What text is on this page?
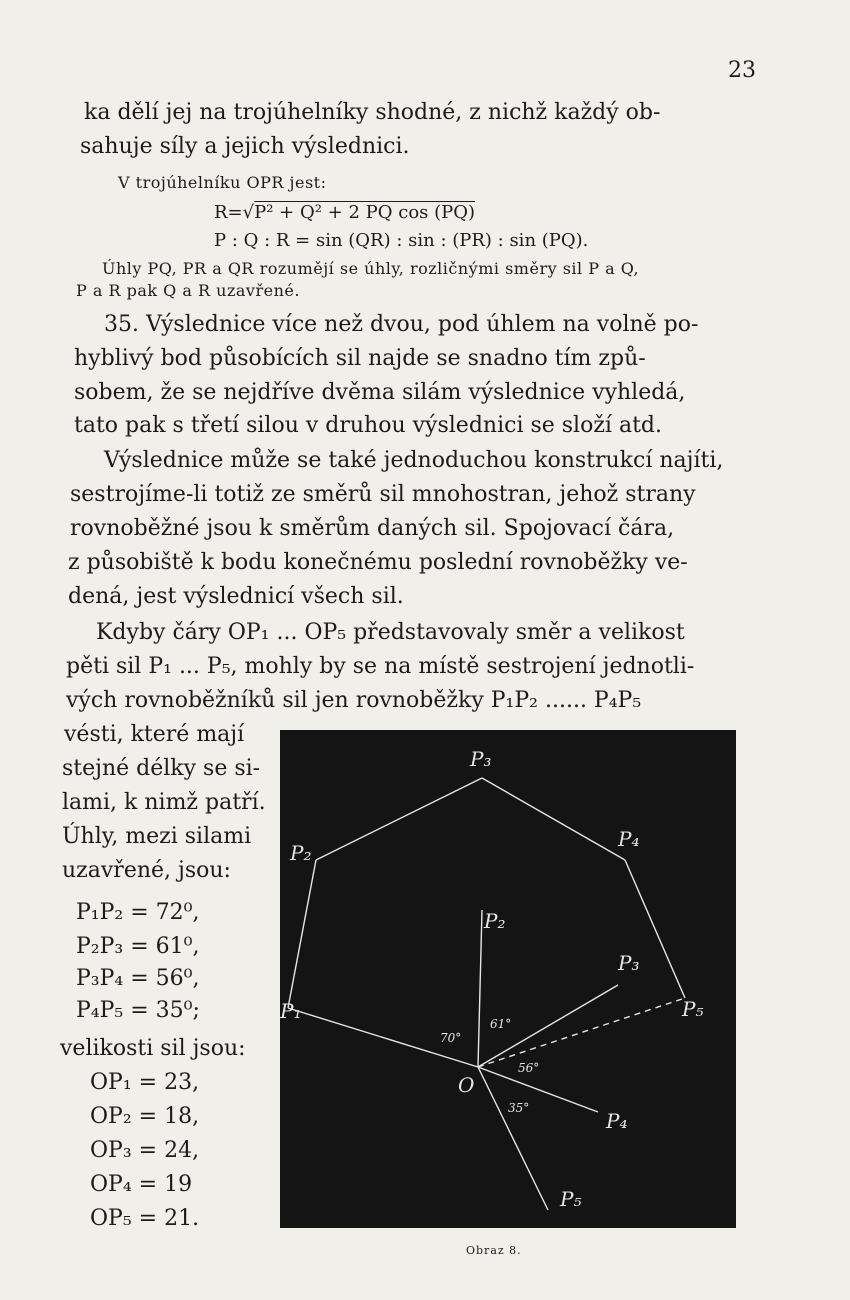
23
ka dělí jej na trojúhelníky shodné, z nichž každý ob-
sahuje síly a jejich výslednici.
V trojúhelníku OPR jest:
R=√P² + Q² + 2 PQ cos (PQ)
P : Q : R = sin (QR) : sin : (PR) : sin (PQ).
Úhly PQ, PR a QR rozumějí se úhly, rozličnými směry sil P a Q,
P a R pak Q a R uzavřené.
35. Výslednice více než dvou, pod úhlem na volně po-
hyblivý bod působících sil najde se snadno tím způ-
sobem, že se nejdříve dvěma silám výslednice vyhledá,
tato pak s třetí silou v druhou výslednici se složí atd.
Výslednice může se také jednoduchou konstrukcí najíti,
sestrojíme-li totiž ze směrů sil mnohostran, jehož strany
rovnoběžné jsou k směrům daných sil. Spojovací čára,
z působiště k bodu konečnému poslední rovnoběžky ve-
dená, jest výslednicí všech sil.
Kdyby čáry OP₁ ... OP₅ představovaly směr a velikost
pěti sil P₁ ... P₅, mohly by se na místě sestrojení jednotli-
vých rovnoběžníků sil jen rovnoběžky P₁P₂ ...... P₄P₅
vésti, které mají
stejné délky se si-
lami, k nimž patří.
Úhly, mezi silami
uzavřené, jsou:
P₁P₂ = 72⁰,
P₂P₃ = 61⁰,
P₃P₄ = 56⁰,
P₄P₅ = 35⁰;
velikosti sil jsou:
OP₁ = 23,
OP₂ = 18,
OP₃ = 24,
OP₄ = 19
OP₅ = 21.
P₁
P₂
P₃
P₄
P₅
P₂
P₃
P₄
P₅
O
70°
61°
56°
35°
Obraz 8.
